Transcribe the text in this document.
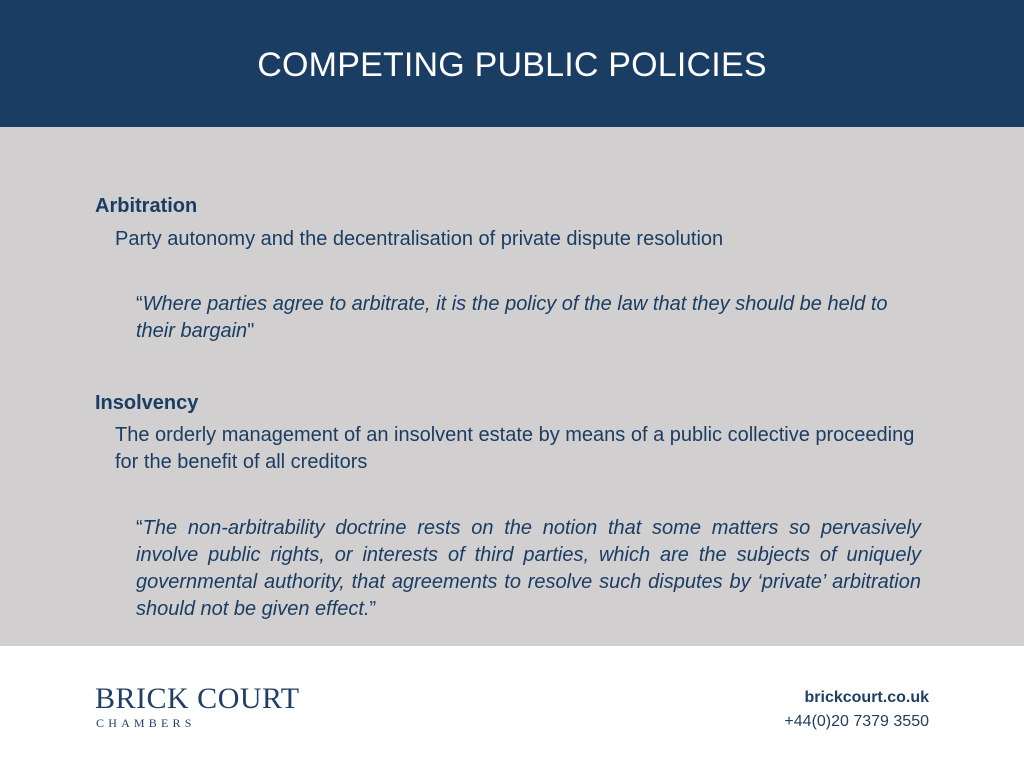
COMPETING PUBLIC POLICIES
Arbitration
Party autonomy and the decentralisation of private dispute resolution
“Where parties agree to arbitrate, it is the policy of the law that they should be held to their bargain"
Insolvency
The orderly management of an insolvent estate by means of a public collective proceeding for the benefit of all creditors
“The non-arbitrability doctrine rests on the notion that some matters so pervasively involve public rights, or interests of third parties, which are the subjects of uniquely governmental authority, that agreements to resolve such disputes by ‘private’ arbitration should not be given effect.”
BRICK COURT
CHAMBERS
brickcourt.co.uk
+44(0)20 7379 3550
